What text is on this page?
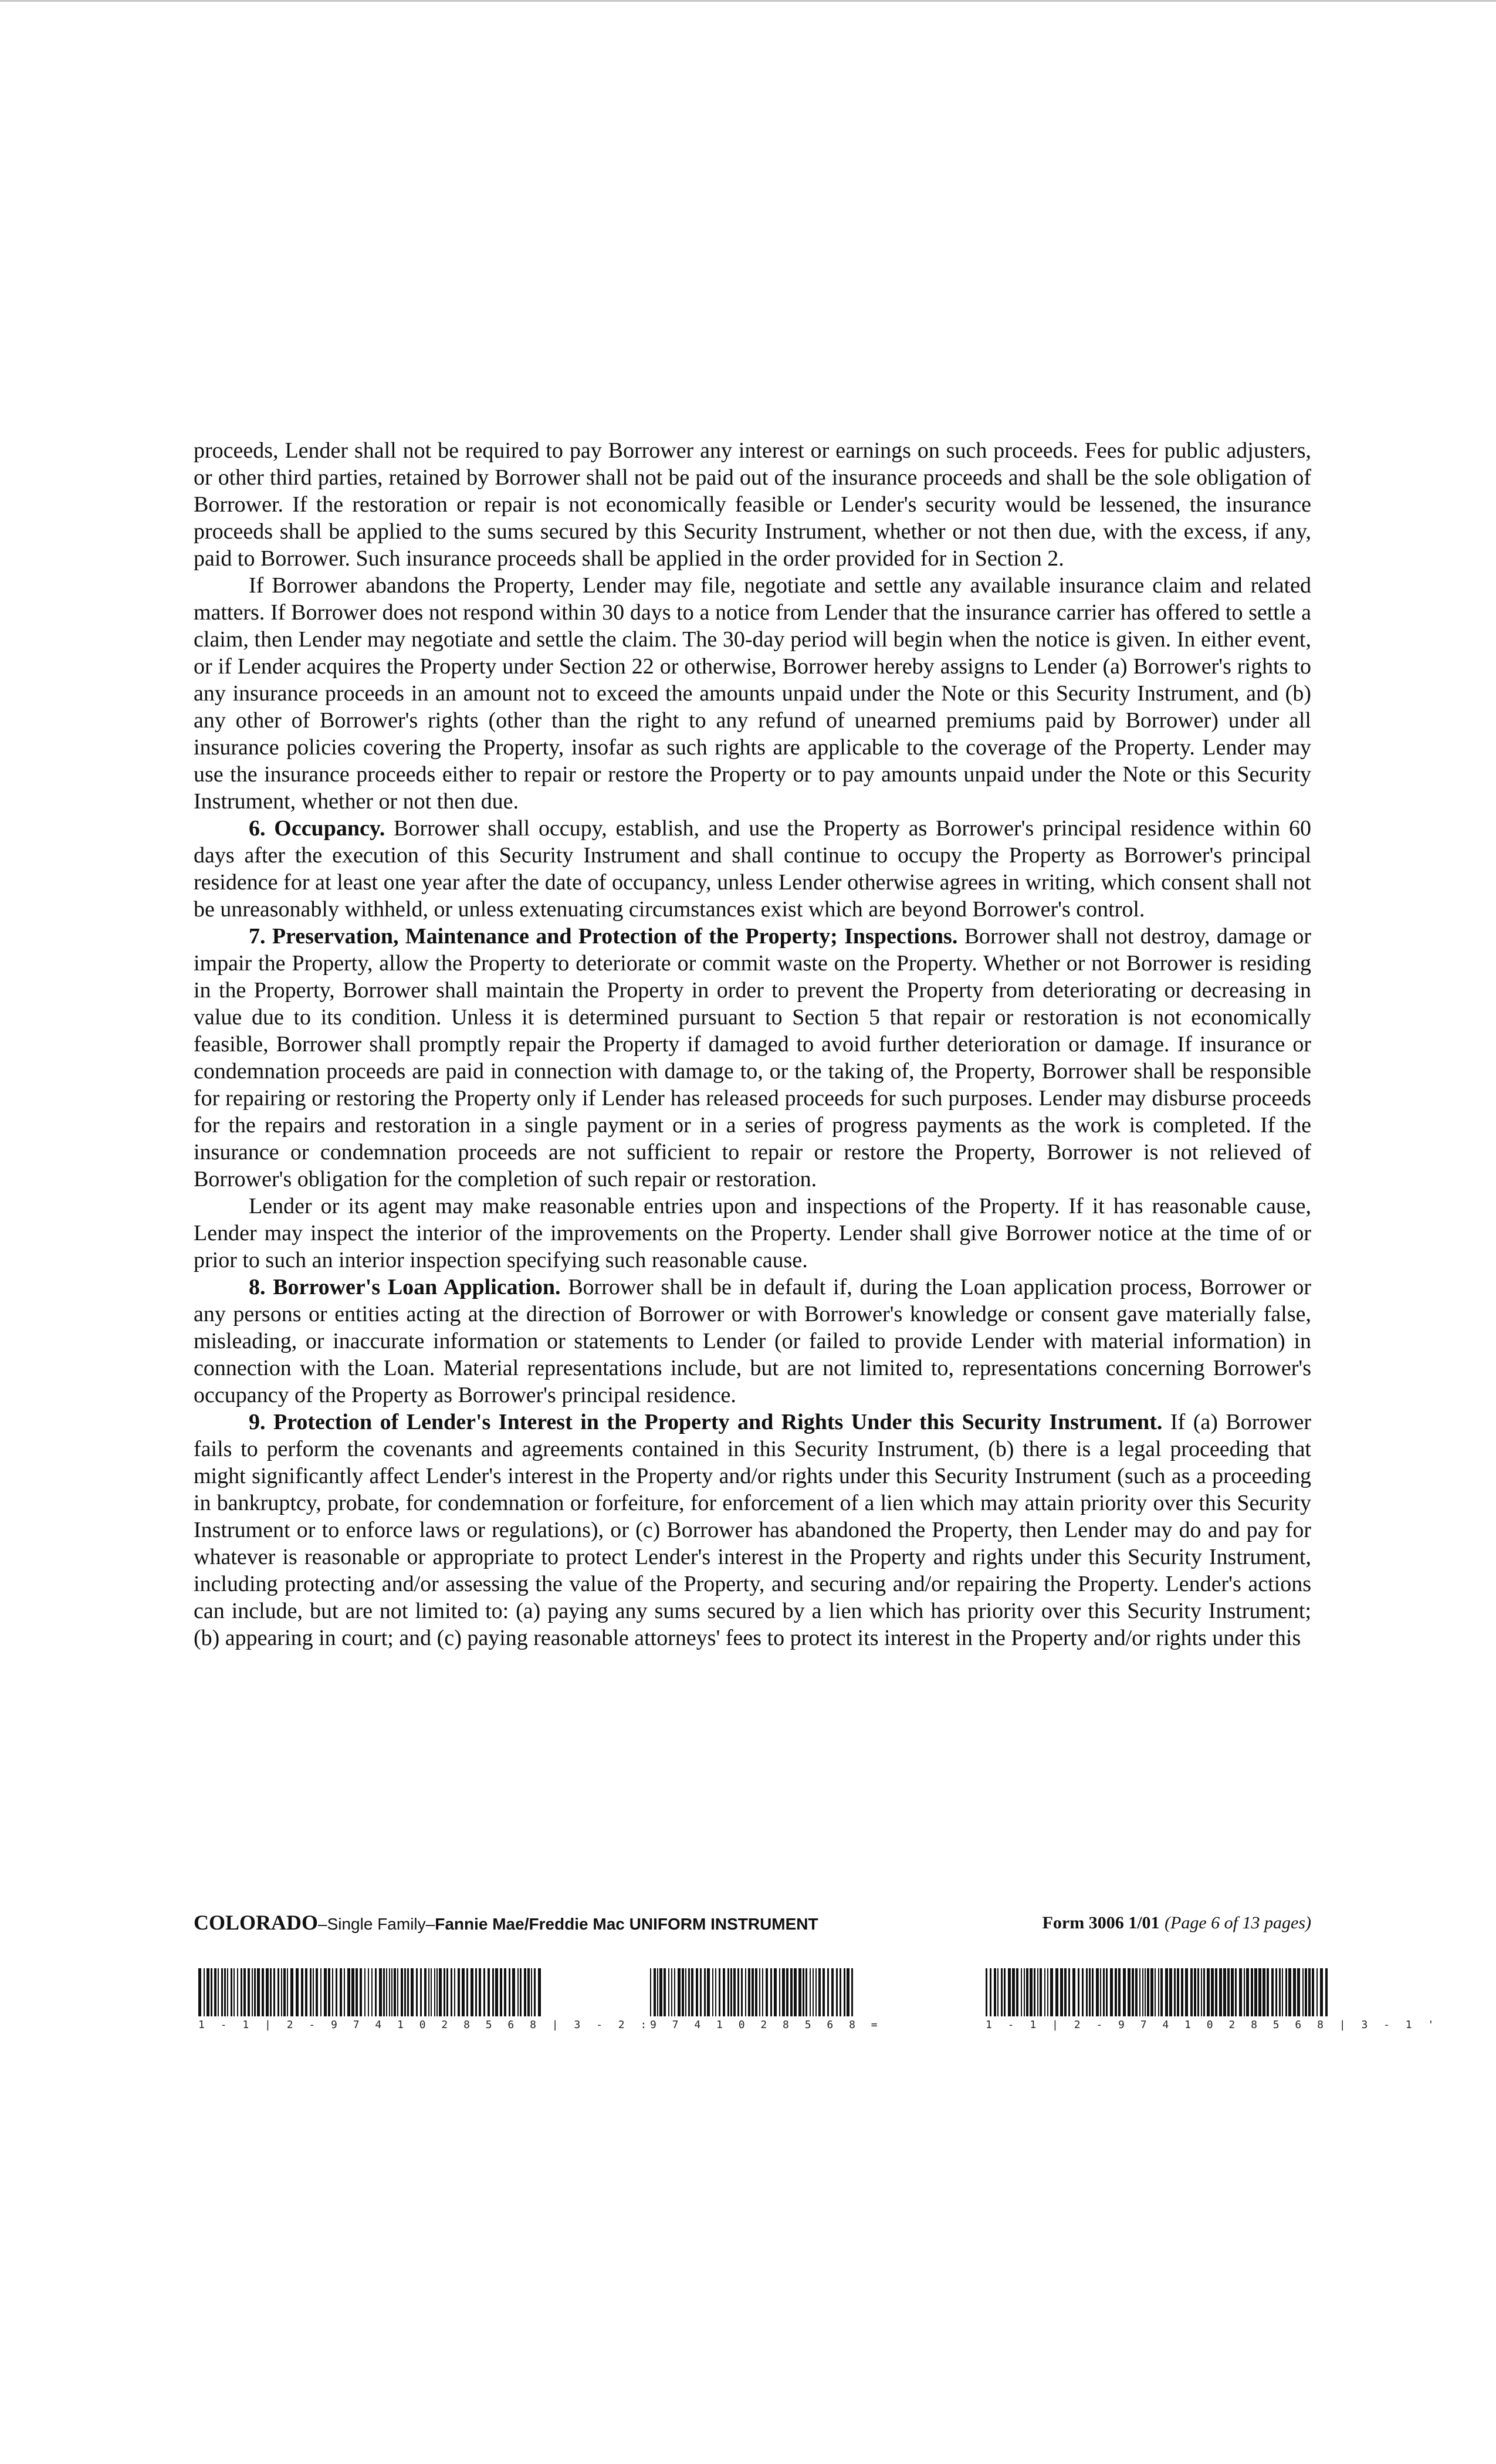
proceeds, Lender shall not be required to pay Borrower any interest or earnings on such proceeds. Fees for public adjusters, or other third parties, retained by Borrower shall not be paid out of the insurance proceeds and shall be the sole obligation of Borrower. If the restoration or repair is not economically feasible or Lender's security would be lessened, the insurance proceeds shall be applied to the sums secured by this Security Instrument, whether or not then due, with the excess, if any, paid to Borrower. Such insurance proceeds shall be applied in the order provided for in Section 2.

If Borrower abandons the Property, Lender may file, negotiate and settle any available insurance claim and related matters. If Borrower does not respond within 30 days to a notice from Lender that the insurance carrier has offered to settle a claim, then Lender may negotiate and settle the claim. The 30-day period will begin when the notice is given. In either event, or if Lender acquires the Property under Section 22 or otherwise, Borrower hereby assigns to Lender (a) Borrower's rights to any insurance proceeds in an amount not to exceed the amounts unpaid under the Note or this Security Instrument, and (b) any other of Borrower's rights (other than the right to any refund of unearned premiums paid by Borrower) under all insurance policies covering the Property, insofar as such rights are applicable to the coverage of the Property. Lender may use the insurance proceeds either to repair or restore the Property or to pay amounts unpaid under the Note or this Security Instrument, whether or not then due.

6. Occupancy. Borrower shall occupy, establish, and use the Property as Borrower's principal residence within 60 days after the execution of this Security Instrument and shall continue to occupy the Property as Borrower's principal residence for at least one year after the date of occupancy, unless Lender otherwise agrees in writing, which consent shall not be unreasonably withheld, or unless extenuating circumstances exist which are beyond Borrower's control.

7. Preservation, Maintenance and Protection of the Property; Inspections. Borrower shall not destroy, damage or impair the Property, allow the Property to deteriorate or commit waste on the Property. Whether or not Borrower is residing in the Property, Borrower shall maintain the Property in order to prevent the Property from deteriorating or decreasing in value due to its condition. Unless it is determined pursuant to Section 5 that repair or restoration is not economically feasible, Borrower shall promptly repair the Property if damaged to avoid further deterioration or damage. If insurance or condemnation proceeds are paid in connection with damage to, or the taking of, the Property, Borrower shall be responsible for repairing or restoring the Property only if Lender has released proceeds for such purposes. Lender may disburse proceeds for the repairs and restoration in a single payment or in a series of progress payments as the work is completed. If the insurance or condemnation proceeds are not sufficient to repair or restore the Property, Borrower is not relieved of Borrower's obligation for the completion of such repair or restoration.

Lender or its agent may make reasonable entries upon and inspections of the Property. If it has reasonable cause, Lender may inspect the interior of the improvements on the Property. Lender shall give Borrower notice at the time of or prior to such an interior inspection specifying such reasonable cause.

8. Borrower's Loan Application. Borrower shall be in default if, during the Loan application process, Borrower or any persons or entities acting at the direction of Borrower or with Borrower's knowledge or consent gave materially false, misleading, or inaccurate information or statements to Lender (or failed to provide Lender with material information) in connection with the Loan. Material representations include, but are not limited to, representations concerning Borrower's occupancy of the Property as Borrower's principal residence.

9. Protection of Lender's Interest in the Property and Rights Under this Security Instrument. If (a) Borrower fails to perform the covenants and agreements contained in this Security Instrument, (b) there is a legal proceeding that might significantly affect Lender's interest in the Property and/or rights under this Security Instrument (such as a proceeding in bankruptcy, probate, for condemnation or forfeiture, for enforcement of a lien which may attain priority over this Security Instrument or to enforce laws or regulations), or (c) Borrower has abandoned the Property, then Lender may do and pay for whatever is reasonable or appropriate to protect Lender's interest in the Property and rights under this Security Instrument, including protecting and/or assessing the value of the Property, and securing and/or repairing the Property. Lender's actions can include, but are not limited to: (a) paying any sums secured by a lien which has priority over this Security Instrument; (b) appearing in court; and (c) paying reasonable attorneys' fees to protect its interest in the Property and/or rights under this

COLORADO–Single Family–Fannie Mae/Freddie Mac UNIFORM INSTRUMENT	Form 3006 1/01 (Page 6 of 13 pages)
1 - 1 | 2 - 9 7 4 1 0 2 8 5 6 8 | 3 - 2 :
9 7 4 1 0 2 8 5 6 8 =	1 - 1 | 2 - 9 7 4 1 0 2 8 5 6 8 | 3 - 1 '
